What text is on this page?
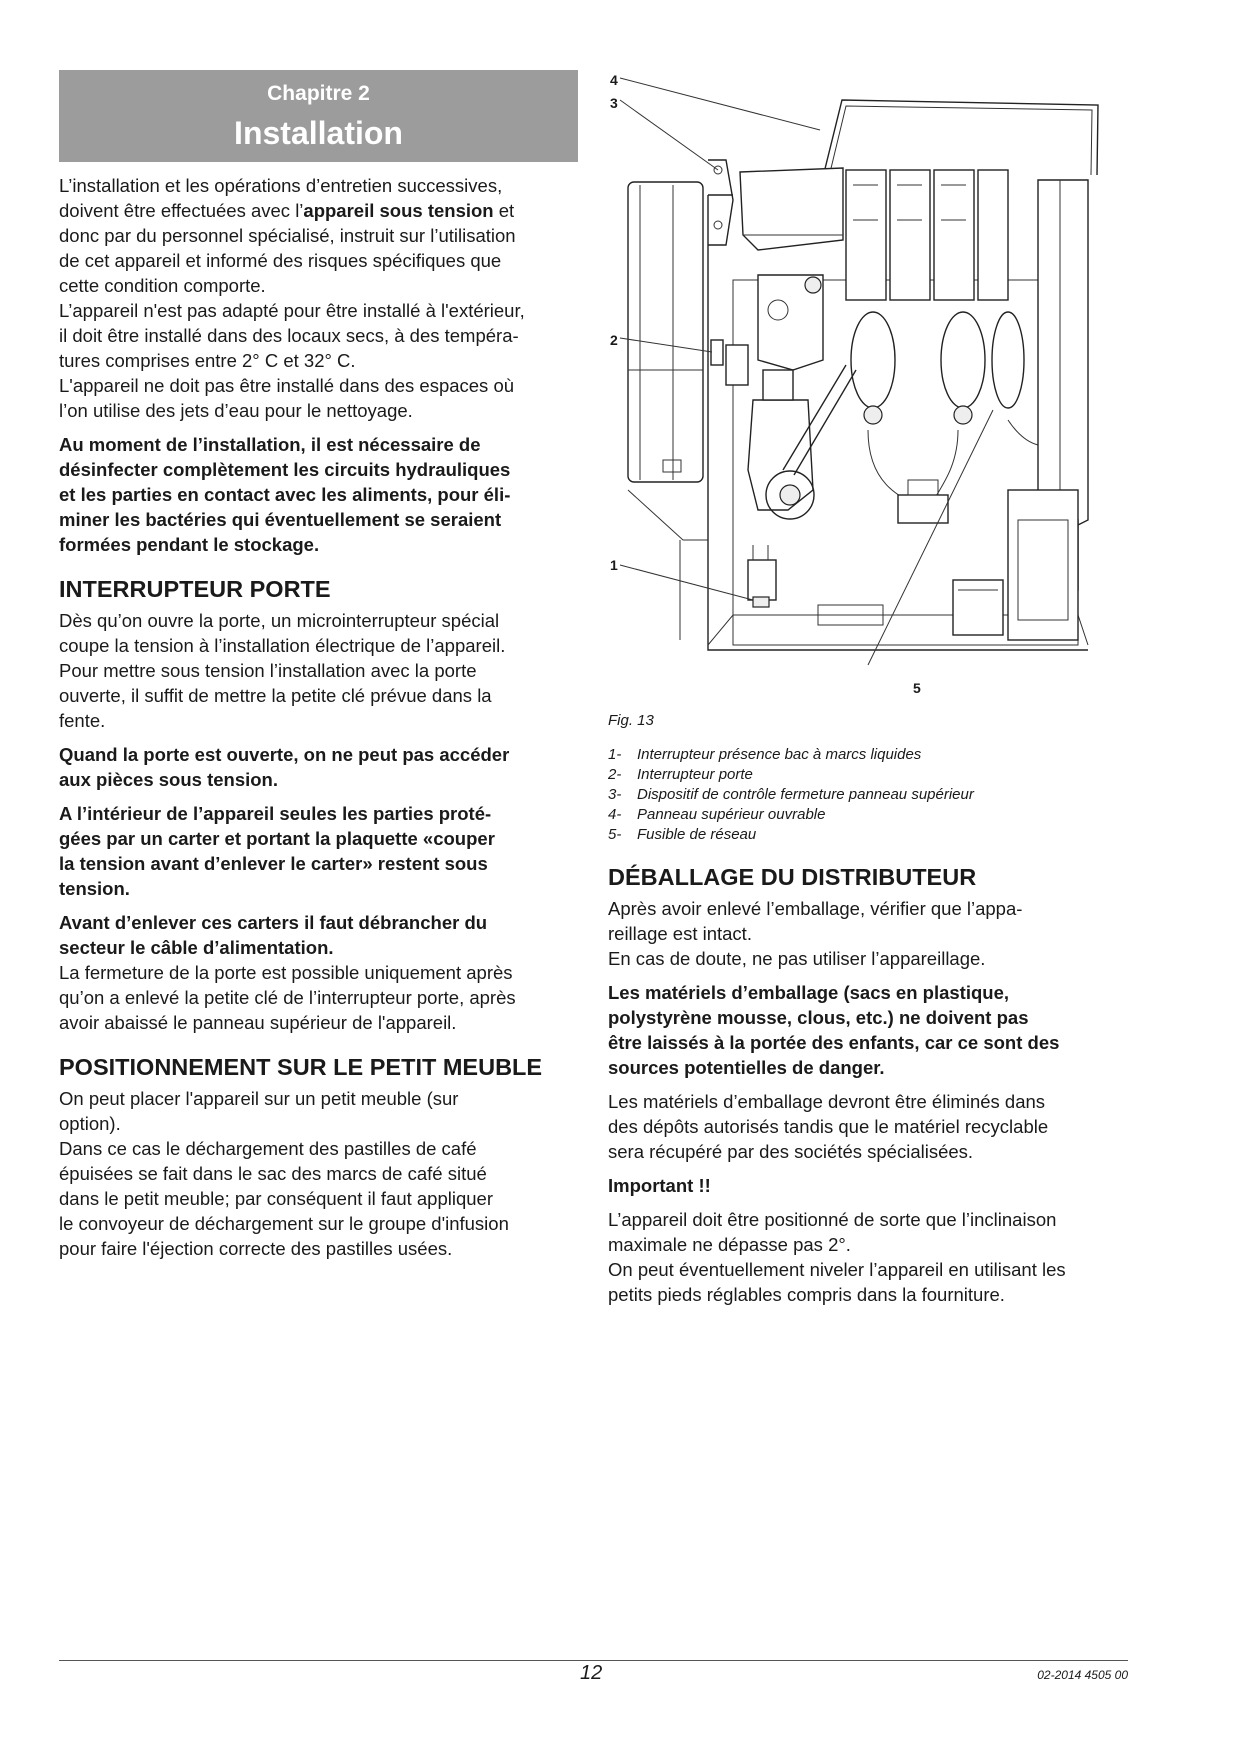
Chapitre 2
Installation

L’installation et les opérations d’entretien successives,

doivent être effectuées avec l’appareil sous tension et

donc par du personnel spécialisé, instruit sur l’utilisation

de cet appareil et informé des risques spécifiques que

cette condition comporte.

L’appareil n'est pas adapté pour être installé à l'extérieur,

il doit être installé dans des locaux secs, à des tempéra-

tures comprises entre 2° C et 32° C.

L'appareil ne doit pas être installé dans des espaces où

l’on utilise des jets d’eau pour le nettoyage.

Au moment de l’installation, il est nécessaire de

désinfecter complètement les circuits hydrauliques

et les parties en contact avec les aliments, pour éli-

miner les bactéries qui éventuellement se seraient

formées pendant le stockage.

INTERRUPTEUR PORTE

Dès qu’on ouvre la porte, un microinterrupteur spécial

coupe la tension à l’installation électrique de l’appareil.

Pour mettre sous tension l’installation avec la porte

ouverte, il suffit de mettre la petite clé prévue dans la

fente.

Quand la porte est ouverte, on ne peut pas accéder

aux pièces sous tension.

A l’intérieur de l’appareil seules les parties proté-

gées par un carter et portant la plaquette «couper

la tension avant d’enlever le carter» restent sous

tension.

Avant d’enlever ces carters il faut débrancher du

secteur le câble d’alimentation.

La fermeture de la porte est possible uniquement après

qu’on a enlevé la petite clé de l’interrupteur porte, après

avoir abaissé le panneau supérieur de l'appareil.

POSITIONNEMENT SUR LE PETIT MEUBLE

On peut placer l'appareil sur un petit meuble (sur

option).

Dans ce cas le déchargement des pastilles de café

épuisées se fait dans le sac des marcs de café situé

dans le petit meuble; par conséquent il faut appliquer

le convoyeur de déchargement sur le groupe d'infusion

pour faire l'éjection correcte des pastilles usées.

4
3
2
1
5
Fig. 13
1-	Interrupteur présence bac à marcs liquides
2-	Interrupteur porte
3-	Dispositif de contrôle fermeture panneau supérieur
4-	Panneau supérieur ouvrable
5-	Fusible de réseau
DÉBALLAGE DU DISTRIBUTEUR

Après avoir enlevé l’emballage, vérifier que l’appa-

reillage est intact.

En cas de doute, ne pas utiliser l’appareillage.

Les matériels d’emballage (sacs en plastique,

polystyrène mousse, clous, etc.) ne doivent pas

être laissés à la portée des enfants, car ce sont des

sources potentielles de danger.

Les matériels d’emballage devront être éliminés dans

des dépôts autorisés tandis que le matériel recyclable

sera récupéré par des sociétés spécialisées.

Important !!

L’appareil doit être positionné de sorte que l’inclinaison

maximale ne dépasse pas 2°.

On peut éventuellement niveler l’appareil en utilisant les

petits pieds réglables compris dans la fourniture.

12	02-2014 4505 00
